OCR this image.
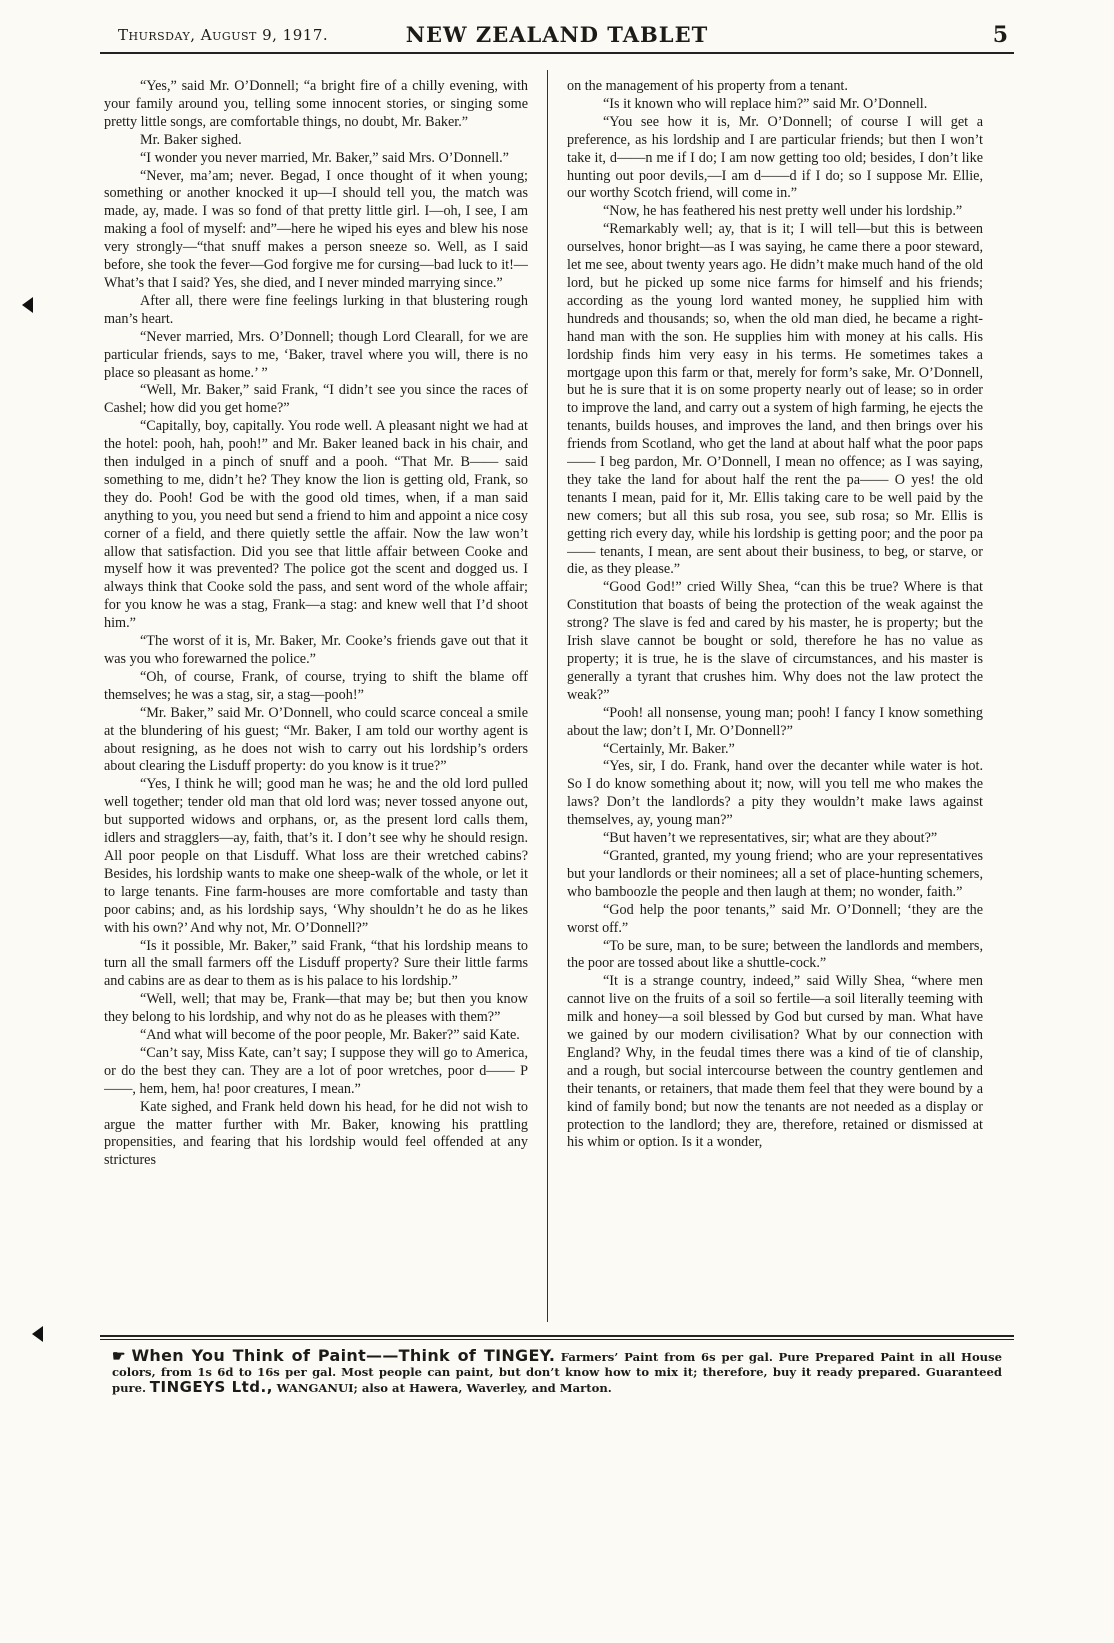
Thursday, August 9, 1917.	NEW ZEALAND TABLET	5

“Yes,” said Mr. O’Donnell; “a bright fire of a chilly evening, with your family around you, telling some innocent stories, or singing some pretty little songs, are comfortable things, no doubt, Mr. Baker.”

Mr. Baker sighed.

“I wonder you never married, Mr. Baker,” said Mrs. O’Donnell.”

“Never, ma’am; never. Begad, I once thought of it when young; something or another knocked it up—I should tell you, the match was made, ay, made. I was so fond of that pretty little girl. I—oh, I see, I am making a fool of myself: and”—here he wiped his eyes and blew his nose very strongly—“that snuff makes a person sneeze so. Well, as I said before, she took the fever—God forgive me for cursing—bad luck to it!—What’s that I said? Yes, she died, and I never minded marrying since.”

After all, there were fine feelings lurking in that blustering rough man’s heart.

“Never married, Mrs. O’Donnell; though Lord Clearall, for we are particular friends, says to me, ‘Baker, travel where you will, there is no place so pleasant as home.’ ”

“Well, Mr. Baker,” said Frank, “I didn’t see you since the races of Cashel; how did you get home?”

“Capitally, boy, capitally. You rode well. A pleasant night we had at the hotel: pooh, hah, pooh!” and Mr. Baker leaned back in his chair, and then indulged in a pinch of snuff and a pooh. “That Mr. B—— said something to me, didn’t he? They know the lion is getting old, Frank, so they do. Pooh! God be with the good old times, when, if a man said anything to you, you need but send a friend to him and appoint a nice cosy corner of a field, and there quietly settle the affair. Now the law won’t allow that satisfaction. Did you see that little affair between Cooke and myself how it was prevented? The police got the scent and dogged us. I always think that Cooke sold the pass, and sent word of the whole affair; for you know he was a stag, Frank—a stag: and knew well that I’d shoot him.”

“The worst of it is, Mr. Baker, Mr. Cooke’s friends gave out that it was you who forewarned the police.”

“Oh, of course, Frank, of course, trying to shift the blame off themselves; he was a stag, sir, a stag—pooh!”

“Mr. Baker,” said Mr. O’Donnell, who could scarce conceal a smile at the blundering of his guest; “Mr. Baker, I am told our worthy agent is about resigning, as he does not wish to carry out his lordship’s orders about clearing the Lisduff property: do you know is it true?”

“Yes, I think he will; good man he was; he and the old lord pulled well together; tender old man that old lord was; never tossed anyone out, but supported widows and orphans, or, as the present lord calls them, idlers and stragglers—ay, faith, that’s it. I don’t see why he should resign. All poor people on that Lisduff. What loss are their wretched cabins? Besides, his lordship wants to make one sheep-walk of the whole, or let it to large tenants. Fine farm-houses are more comfortable and tasty than poor cabins; and, as his lordship says, ‘Why shouldn’t he do as he likes with his own?’ And why not, Mr. O’Donnell?”

“Is it possible, Mr. Baker,” said Frank, “that his lordship means to turn all the small farmers off the Lisduff property? Sure their little farms and cabins are as dear to them as is his palace to his lordship.”

“Well, well; that may be, Frank—that may be; but then you know they belong to his lordship, and why not do as he pleases with them?”

“And what will become of the poor people, Mr. Baker?” said Kate.

“Can’t say, Miss Kate, can’t say; I suppose they will go to America, or do the best they can. They are a lot of poor wretches, poor d—— P——, hem, hem, ha! poor creatures, I mean.”

Kate sighed, and Frank held down his head, for he did not wish to argue the matter further with Mr. Baker, knowing his prattling propensities, and fearing that his lordship would feel offended at any strictures

on the management of his property from a tenant.

“Is it known who will replace him?” said Mr. O’Donnell.

“You see how it is, Mr. O’Donnell; of course I will get a preference, as his lordship and I are particular friends; but then I won’t take it, d——n me if I do; I am now getting too old; besides, I don’t like hunting out poor devils,—I am d——d if I do; so I suppose Mr. Ellie, our worthy Scotch friend, will come in.”

“Now, he has feathered his nest pretty well under his lordship.”

“Remarkably well; ay, that is it; I will tell—but this is between ourselves, honor bright—as I was saying, he came there a poor steward, let me see, about twenty years ago. He didn’t make much hand of the old lord, but he picked up some nice farms for himself and his friends; according as the young lord wanted money, he supplied him with hundreds and thousands; so, when the old man died, he became a right-hand man with the son. He supplies him with money at his calls. His lordship finds him very easy in his terms. He sometimes takes a mortgage upon this farm or that, merely for form’s sake, Mr. O’Donnell, but he is sure that it is on some property nearly out of lease; so in order to improve the land, and carry out a system of high farming, he ejects the tenants, builds houses, and improves the land, and then brings over his friends from Scotland, who get the land at about half what the poor paps—— I beg pardon, Mr. O’Donnell, I mean no offence; as I was saying, they take the land for about half the rent the pa—— O yes! the old tenants I mean, paid for it, Mr. Ellis taking care to be well paid by the new comers; but all this sub rosa, you see, sub rosa; so Mr. Ellis is getting rich every day, while his lordship is getting poor; and the poor pa—— tenants, I mean, are sent about their business, to beg, or starve, or die, as they please.”

“Good God!” cried Willy Shea, “can this be true? Where is that Constitution that boasts of being the protection of the weak against the strong? The slave is fed and cared by his master, he is property; but the Irish slave cannot be bought or sold, therefore he has no value as property; it is true, he is the slave of circumstances, and his master is generally a tyrant that crushes him. Why does not the law protect the weak?”

“Pooh! all nonsense, young man; pooh! I fancy I know something about the law; don’t I, Mr. O’Donnell?”

“Certainly, Mr. Baker.”

“Yes, sir, I do. Frank, hand over the decanter while water is hot. So I do know something about it; now, will you tell me who makes the laws? Don’t the landlords? a pity they wouldn’t make laws against themselves, ay, young man?”

“But haven’t we representatives, sir; what are they about?”

“Granted, granted, my young friend; who are your representatives but your landlords or their nominees; all a set of place-hunting schemers, who bamboozle the people and then laugh at them; no wonder, faith.”

“God help the poor tenants,” said Mr. O’Donnell; ‘they are the worst off.”

“To be sure, man, to be sure; between the landlords and members, the poor are tossed about like a shuttle-cock.”

“It is a strange country, indeed,” said Willy Shea, “where men cannot live on the fruits of a soil so fertile—a soil literally teeming with milk and honey—a soil blessed by God but cursed by man. What have we gained by our modern civilisation? What by our connection with England? Why, in the feudal times there was a kind of tie of clanship, and a rough, but social intercourse between the country gentlemen and their tenants, or retainers, that made them feel that they were bound by a kind of family bond; but now the tenants are not needed as a display or protection to the landlord; they are, therefore, retained or dismissed at his whim or option. Is it a wonder,

☛ When You Think of Paint——Think of TINGEY. Farmers’ Paint from 6s per gal. Pure Prepared Paint in all House colors, from 1s 6d to 16s per gal. Most people can paint, but don’t know how to mix it; therefore, buy it ready prepared. Guaranteed pure. TINGEYS Ltd., WANGANUI; also at Hawera, Waverley, and Marton.
